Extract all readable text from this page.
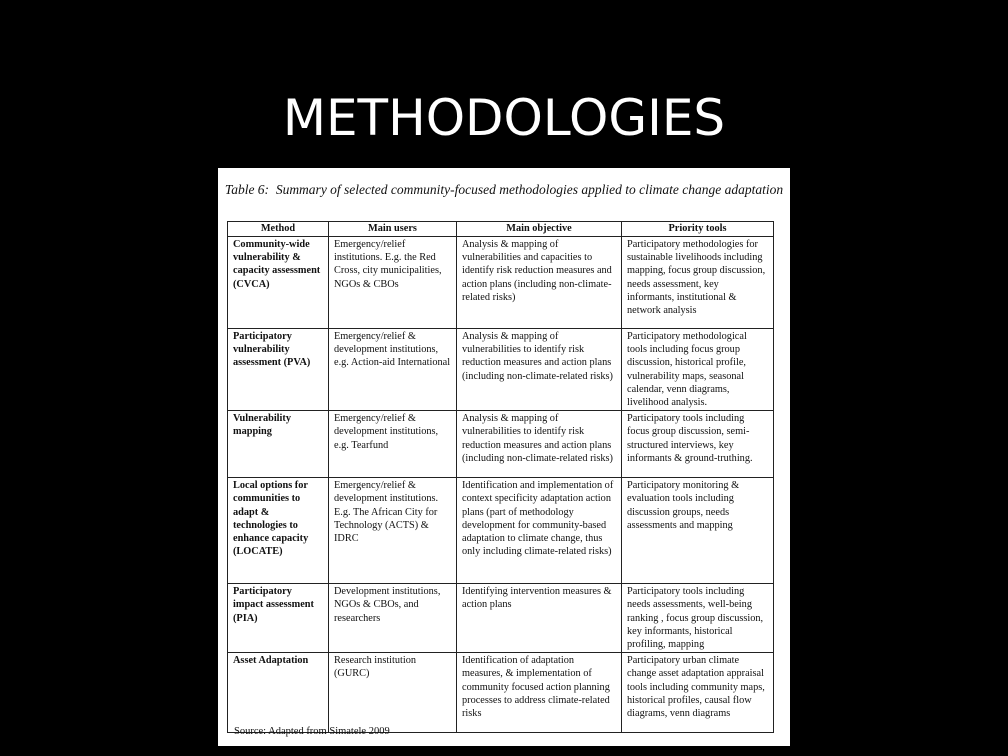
METHODOLOGIES
Table 6: Summary of selected community-focused methodologies applied to climate change adaptation
Method	Main users	Main objective	Priority tools
Community-wide vulnerability & capacity assessment (CVCA)	Emergency/relief institutions. E.g. the Red Cross, city municipalities, NGOs & CBOs	Analysis & mapping of vulnerabilities and capacities to identify risk reduction measures and action plans (including non-climate-related risks)	Participatory methodologies for sustainable livelihoods including mapping, focus group discussion, needs assessment, key informants, institutional & network analysis
Participatory vulnerability assessment (PVA)	Emergency/relief & development institutions, e.g. Action-aid International	Analysis & mapping of vulnerabilities to identify risk reduction measures and action plans (including non-climate-related risks)	Participatory methodological tools including focus group discussion, historical profile, vulnerability maps, seasonal calendar, venn diagrams, livelihood analysis.
Vulnerability mapping	Emergency/relief & development institutions, e.g. Tearfund	Analysis & mapping of vulnerabilities to identify risk reduction measures and action plans (including non-climate-related risks)	Participatory tools including focus group discussion, semi-structured interviews, key informants & ground-truthing.
Local options for communities to adapt & technologies to enhance capacity (LOCATE)	Emergency/relief & development institutions. E.g. The African City for Technology (ACTS) & IDRC	Identification and implementation of context specificity adaptation action plans (part of methodology development for community-based adaptation to climate change, thus only including climate-related risks)	Participatory monitoring & evaluation tools including discussion groups, needs assessments and mapping
Participatory impact assessment (PIA)	Development institutions, NGOs & CBOs, and researchers	Identifying intervention measures & action plans	Participatory tools including needs assessments, well-being ranking , focus group discussion, key informants, historical profiling, mapping
Asset Adaptation	Research institution (GURC)	Identification of adaptation measures, & implementation of community focused action planning processes to address climate-related risks	Participatory urban climate change asset adaptation appraisal tools including community maps, historical profiles, causal flow diagrams, venn diagrams
Source: Adapted from Simatele 2009
